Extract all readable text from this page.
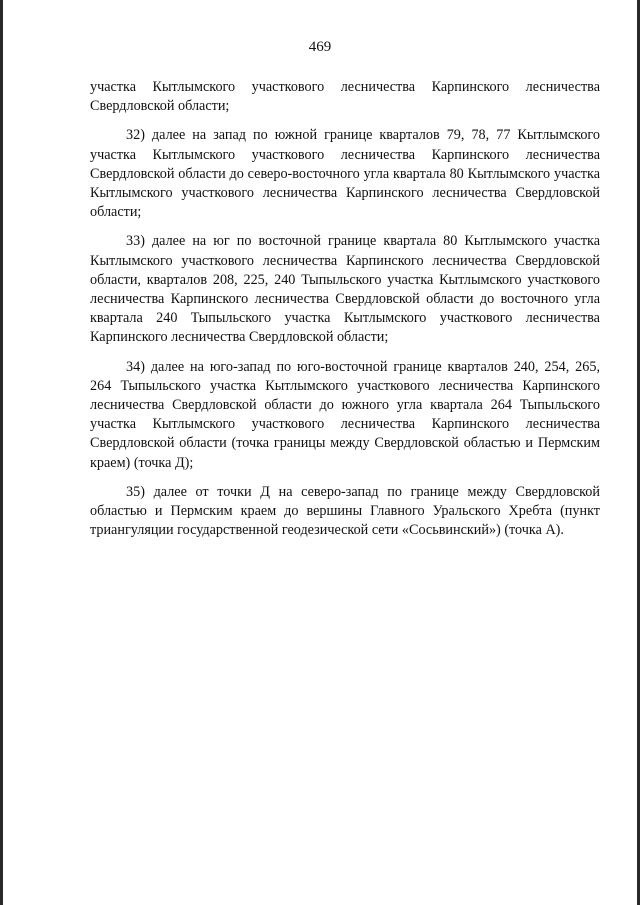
469

участка Кытлымского участкового лесничества Карпинского лесничества Свердловской области;

32) далее на запад по южной границе кварталов 79, 78, 77 Кытлымского участка Кытлымского участкового лесничества Карпинского лесничества Свердловской области до северо-восточного угла квартала 80 Кытлымского участка Кытлымского участкового лесничества Карпинского лесничества Свердловской области;

33) далее на юг по восточной границе квартала 80 Кытлымского участка Кытлымского участкового лесничества Карпинского лесничества Свердловской области, кварталов 208, 225, 240 Тыпыльского участка Кытлымского участкового лесничества Карпинского лесничества Свердловской области до восточного угла квартала 240 Тыпыльского участка Кытлымского участкового лесничества Карпинского лесничества Свердловской области;

34) далее на юго-запад по юго-восточной границе кварталов 240, 254, 265, 264 Тыпыльского участка Кытлымского участкового лесничества Карпинского лесничества Свердловской области до южного угла квартала 264 Тыпыльского участка Кытлымского участкового лесничества Карпинского лесничества Свердловской области (точка границы между Свердловской областью и Пермским краем) (точка Д);

35) далее от точки Д на северо-запад по границе между Свердловской областью и Пермским краем до вершины Главного Уральского Хребта (пункт триангуляции государственной геодезической сети «Сосьвинский») (точка А).
